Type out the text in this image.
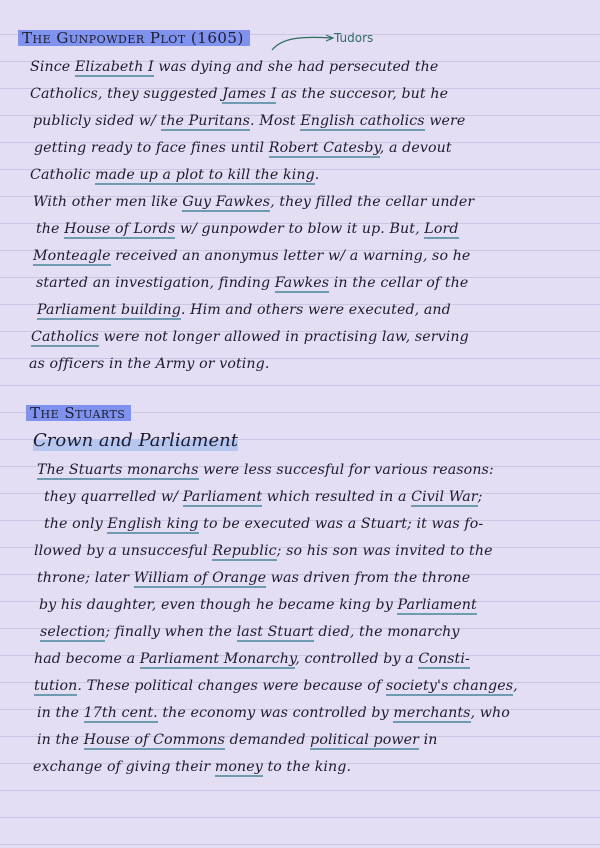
The Gunpowder Plot (1605)	Tudors
Since Elizabeth I was dying and she had persecuted the
Catholics, they suggested James I as the succesor, but he
publicly sided w/ the Puritans. Most English catholics were
getting ready to face fines until Robert Catesby, a devout
Catholic made up a plot to kill the king.
With other men like Guy Fawkes, they filled the cellar under
the House of Lords w/ gunpowder to blow it up. But, Lord
Monteagle received an anonymus letter w/ a warning, so he
started an investigation, finding Fawkes in the cellar of the
Parliament building. Him and others were executed, and
Catholics were not longer allowed in practising law, serving
as officers in the Army or voting.
The Stuarts
Crown and Parliament
The Stuarts monarchs were less succesful for various reasons:
they quarrelled w/ Parliament which resulted in a Civil War;
the only English king to be executed was a Stuart; it was fo-
llowed by a unsuccesful Republic; so his son was invited to the
throne; later William of Orange was driven from the throne
by his daughter, even though he became king by Parliament
selection; finally when the last Stuart died, the monarchy
had become a Parliament Monarchy, controlled by a Consti-
tution. These political changes were because of society's changes,
in the 17th cent. the economy was controlled by merchants, who
in the House of Commons demanded political power in
exchange of giving their money to the king.
